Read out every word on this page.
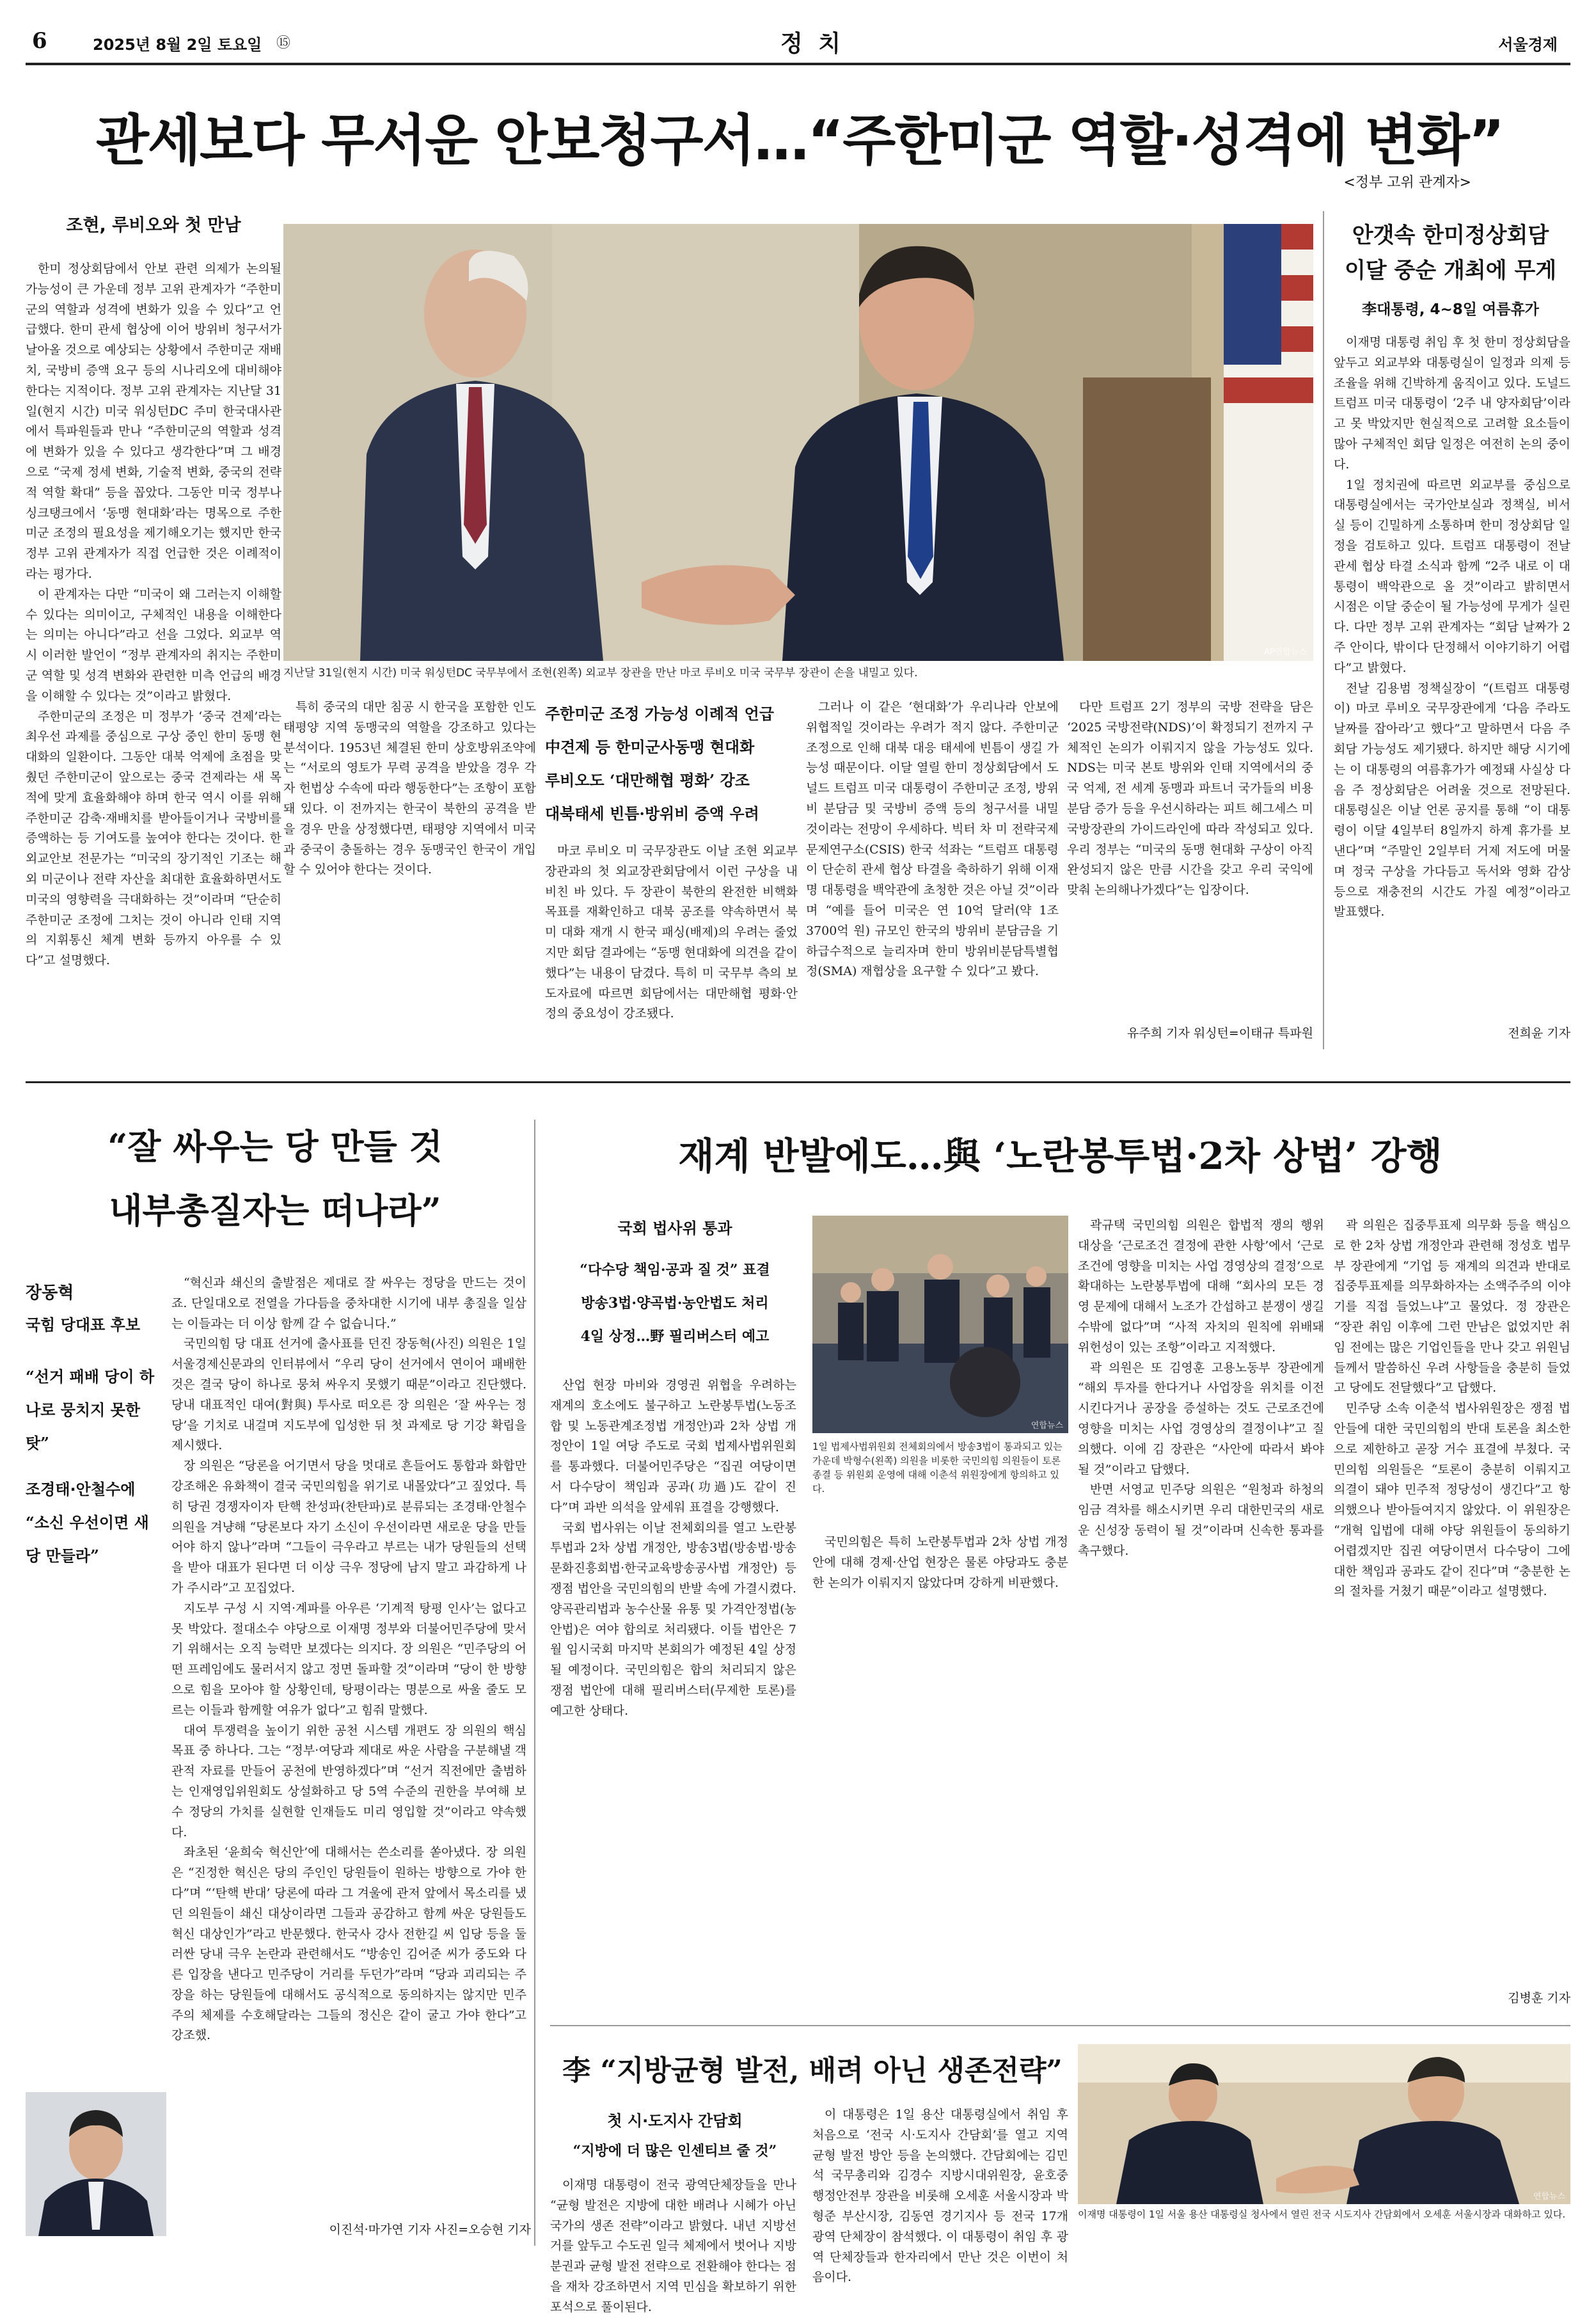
6	2025년 8월 2일 토요일 ⑮	정 치	서울경제
관세보다 무서운 안보청구서…“주한미군 역할·성격에 변화”
<정부 고위 관계자>
조현, 루비오와 첫 만남

한미 정상회담에서 안보 관련 의제가 논의될 가능성이 큰 가운데 정부 고위 관계자가 “주한미군의 역할과 성격에 변화가 있을 수 있다”고 언급했다. 한미 관세 협상에 이어 방위비 청구서가 날아올 것으로 예상되는 상황에서 주한미군 재배치, 국방비 증액 요구 등의 시나리오에 대비해야 한다는 지적이다. 정부 고위 관계자는 지난달 31일(현지 시간) 미국 워싱턴DC 주미 한국대사관에서 특파원들과 만나 “주한미군의 역할과 성격에 변화가 있을 수 있다고 생각한다”며 그 배경으로 “국제 정세 변화, 기술적 변화, 중국의 전략적 역할 확대” 등을 꼽았다. 그동안 미국 정부나 싱크탱크에서 ‘동맹 현대화’라는 명목으로 주한미군 조정의 필요성을 제기해오기는 했지만 한국 정부 고위 관계자가 직접 언급한 것은 이례적이라는 평가다.

이 관계자는 다만 “미국이 왜 그러는지 이해할 수 있다는 의미이고, 구체적인 내용을 이해한다는 의미는 아니다”라고 선을 그었다. 외교부 역시 이러한 발언이 “정부 관계자의 취지는 주한미군 역할 및 성격 변화와 관련한 미측 언급의 배경을 이해할 수 있다는 것”이라고 밝혔다.

주한미군의 조정은 미 정부가 ‘중국 견제’라는 최우선 과제를 중심으로 구상 중인 한미 동맹 현대화의 일환이다. 그동안 대북 억제에 초점을 맞췄던 주한미군이 앞으로는 중국 견제라는 새 목적에 맞게 효율화해야 하며 한국 역시 이를 위해 주한미군 감축·재배치를 받아들이거나 국방비를 증액하는 등 기여도를 높여야 한다는 것이다. 한 외교안보 전문가는 “미국의 장기적인 기조는 해외 미군이나 전략 자산을 최대한 효율화하면서도 미국의 영향력을 극대화하는 것”이라며 “단순히 주한미군 조정에 그치는 것이 아니라 인태 지역의 지휘통신 체계 변화 등까지 아우를 수 있다”고 설명했다.

AP연합뉴스
지난달 31일(현지 시간) 미국 워싱턴DC 국무부에서 조현(왼쪽) 외교부 장관을 만난 마코 루비오 미국 국무부 장관이 손을 내밀고 있다.

특히 중국의 대만 침공 시 한국을 포함한 인도태평양 지역 동맹국의 역할을 강조하고 있다는 분석이다. 1953년 체결된 한미 상호방위조약에는 “서로의 영토가 무력 공격을 받았을 경우 각자 헌법상 수속에 따라 행동한다”는 조항이 포함돼 있다. 이 전까지는 한국이 북한의 공격을 받을 경우 만을 상정했다면, 태평양 지역에서 미국과 중국이 충돌하는 경우 동맹국인 한국이 개입할 수 있어야 한다는 것이다.

주한미군 조정 가능성 이례적 언급
中견제 등 한미군사동맹 현대화
루비오도 ‘대만해협 평화’ 강조
대북태세 빈틈·방위비 증액 우려

마코 루비오 미 국무장관도 이날 조현 외교부 장관과의 첫 외교장관회담에서 이런 구상을 내비친 바 있다. 두 장관이 북한의 완전한 비핵화 목표를 재확인하고 대북 공조를 약속하면서 북미 대화 재개 시 한국 패싱(배제)의 우려는 줄었지만 회담 결과에는 “동맹 현대화에 의견을 같이했다”는 내용이 담겼다. 특히 미 국무부 측의 보도자료에 따르면 회담에서는 대만해협 평화·안정의 중요성이 강조됐다.

그러나 이 같은 ‘현대화’가 우리나라 안보에 위협적일 것이라는 우려가 적지 않다. 주한미군 조정으로 인해 대북 대응 태세에 빈틈이 생길 가능성 때문이다. 이달 열릴 한미 정상회담에서 도널드 트럼프 미국 대통령이 주한미군 조정, 방위비 분담금 및 국방비 증액 등의 청구서를 내밀 것이라는 전망이 우세하다. 빅터 차 미 전략국제문제연구소(CSIS) 한국 석좌는 “트럼프 대통령이 단순히 관세 협상 타결을 축하하기 위해 이재명 대통령을 백악관에 초청한 것은 아닐 것”이라며 “예를 들어 미국은 연 10억 달러(약 1조 3700억 원) 규모인 한국의 방위비 분담금을 기하급수적으로 늘리자며 한미 방위비분담특별협정(SMA) 재협상을 요구할 수 있다”고 봤다.

다만 트럼프 2기 정부의 국방 전략을 담은 ‘2025 국방전략(NDS)’이 확정되기 전까지 구체적인 논의가 이뤄지지 않을 가능성도 있다. NDS는 미국 본토 방위와 인태 지역에서의 중국 억제, 전 세계 동맹과 파트너 국가들의 비용 분담 증가 등을 우선시하라는 피트 헤그세스 미 국방장관의 가이드라인에 따라 작성되고 있다. 우리 정부는 “미국의 동맹 현대화 구상이 아직 완성되지 않은 만큼 시간을 갖고 우리 국익에 맞춰 논의해나가겠다”는 입장이다.

유주희 기자 워싱턴=이태규 특파원
안갯속 한미정상회담
이달 중순 개최에 무게
李대통령, 4~8일 여름휴가

이재명 대통령 취임 후 첫 한미 정상회담을 앞두고 외교부와 대통령실이 일정과 의제 등 조율을 위해 긴박하게 움직이고 있다. 도널드 트럼프 미국 대통령이 ‘2주 내 양자회담’이라고 못 박았지만 현실적으로 고려할 요소들이 많아 구체적인 회담 일정은 여전히 논의 중이다.

1일 정치권에 따르면 외교부를 중심으로 대통령실에서는 국가안보실과 정책실, 비서실 등이 긴밀하게 소통하며 한미 정상회담 일정을 검토하고 있다. 트럼프 대통령이 전날 관세 협상 타결 소식과 함께 “2주 내로 이 대통령이 백악관으로 올 것”이라고 밝히면서 시점은 이달 중순이 될 가능성에 무게가 실린다. 다만 정부 고위 관계자는 “회담 날짜가 2주 안이다, 밖이다 단정해서 이야기하기 어렵다”고 밝혔다.

전날 김용범 정책실장이 “(트럼프 대통령이) 마코 루비오 국무장관에게 ‘다음 주라도 날짜를 잡아라’고 했다”고 말하면서 다음 주 회담 가능성도 제기됐다. 하지만 해당 시기에는 이 대통령의 여름휴가가 예정돼 사실상 다음 주 정상회담은 어려울 것으로 전망된다. 대통령실은 이날 언론 공지를 통해 “이 대통령이 이달 4일부터 8일까지 하계 휴가를 보낸다”며 “주말인 2일부터 거제 저도에 머물며 정국 구상을 가다듬고 독서와 영화 감상 등으로 재충전의 시간도 가질 예정”이라고 발표했다.

전희윤 기자
“잘 싸우는 당 만들 것
내부총질자는 떠나라”
장동혁
국힘 당대표 후보
“선거 패배 당이 하나로 뭉치지 못한 탓”
조경태·안철수에
“소신 우선이면 새 당 만들라”

“혁신과 쇄신의 출발점은 제대로 잘 싸우는 정당을 만드는 것이죠. 단일대오로 전열을 가다듬을 중차대한 시기에 내부 총질을 일삼는 이들과는 더 이상 함께 갈 수 없습니다.”

국민의힘 당 대표 선거에 출사표를 던진 장동혁(사진) 의원은 1일 서울경제신문과의 인터뷰에서 “우리 당이 선거에서 연이어 패배한 것은 결국 당이 하나로 뭉쳐 싸우지 못했기 때문”이라고 진단했다. 당내 대표적인 대여(對與) 투사로 떠오른 장 의원은 ‘잘 싸우는 정당’을 기치로 내걸며 지도부에 입성한 뒤 첫 과제로 당 기강 확립을 제시했다.

장 의원은 “당론을 어기면서 당을 멋대로 흔들어도 통합과 화합만 강조해온 유화책이 결국 국민의힘을 위기로 내몰았다”고 짚었다. 특히 당권 경쟁자이자 탄핵 찬성파(찬탄파)로 분류되는 조경태·안철수 의원을 겨냥해 “당론보다 자기 소신이 우선이라면 새로운 당을 만들어야 하지 않나”라며 “그들이 극우라고 부르는 내가 당원들의 선택을 받아 대표가 된다면 더 이상 극우 정당에 남지 말고 과감하게 나가 주시라”고 꼬집었다.

지도부 구성 시 지역·계파를 아우른 ‘기계적 탕평 인사’는 없다고 못 박았다. 절대소수 야당으로 이재명 정부와 더불어민주당에 맞서기 위해서는 오직 능력만 보겠다는 의지다. 장 의원은 “민주당의 어떤 프레임에도 물러서지 않고 정면 돌파할 것”이라며 “당이 한 방향으로 힘을 모아야 할 상황인데, 탕평이라는 명분으로 싸울 줄도 모르는 이들과 함께할 여유가 없다”고 힘줘 말했다.

대여 투쟁력을 높이기 위한 공천 시스템 개편도 장 의원의 핵심 목표 중 하나다. 그는 “정부·여당과 제대로 싸운 사람을 구분해낼 객관적 자료를 만들어 공천에 반영하겠다”며 “선거 직전에만 출범하는 인재영입위원회도 상설화하고 당 5역 수준의 권한을 부여해 보수 정당의 가치를 실현할 인재들도 미리 영입할 것”이라고 약속했다.

좌초된 ‘윤희숙 혁신안’에 대해서는 쓴소리를 쏟아냈다. 장 의원은 “진정한 혁신은 당의 주인인 당원들이 원하는 방향으로 가야 한다”며 “‘탄핵 반대’ 당론에 따라 그 겨울에 관저 앞에서 목소리를 냈던 의원들이 쇄신 대상이라면 그들과 공감하고 함께 싸운 당원들도 혁신 대상인가”라고 반문했다. 한국사 강사 전한길 씨 입당 등을 둘러싼 당내 극우 논란과 관련해서도 “방송인 김어준 씨가 중도와 다른 입장을 낸다고 민주당이 거리를 두던가”라며 “당과 괴리되는 주장을 하는 당원들에 대해서도 공식적으로 동의하지는 않지만 민주주의 체제를 수호해달라는 그들의 정신은 같이 굴고 가야 한다”고 강조했.

이진석·마가연 기자 사진=오승현 기자
재계 반발에도…與 ‘노란봉투법·2차 상법’ 강행
국회 법사위 통과
“다수당 책임·공과 질 것” 표결
방송3법·양곡법·농안법도 처리
4일 상정…野 필리버스터 예고

산업 현장 마비와 경영권 위협을 우려하는 재계의 호소에도 불구하고 노란봉투법(노동조합 및 노동관계조정법 개정안)과 2차 상법 개정안이 1일 여당 주도로 국회 법제사법위원회를 통과했다. 더불어민주당은 “집권 여당이면서 다수당이 책임과 공과(功過)도 같이 진다”며 과반 의석을 앞세워 표결을 강행했다.

국회 법사위는 이날 전체회의를 열고 노란봉투법과 2차 상법 개정안, 방송3법(방송법·방송문화진흥회법·한국교육방송공사법 개정안) 등 쟁점 법안을 국민의힘의 반발 속에 가결시켰다. 양곡관리법과 농수산물 유통 및 가격안정법(농안법)은 여야 합의로 처리됐다. 이들 법안은 7월 임시국회 마지막 본회의가 예정된 4일 상정될 예정이다. 국민의힘은 합의 처리되지 않은 쟁점 법안에 대해 필리버스터(무제한 토론)를 예고한 상태다.

연합뉴스
1일 법제사법위원회 전체회의에서 방송3법이 통과되고 있는 가운데 박형수(왼쪽) 의원을 비롯한 국민의힘 의원들이 토론 종결 등 위원회 운영에 대해 이춘석 위원장에게 항의하고 있다.

국민의힘은 특히 노란봉투법과 2차 상법 개정안에 대해 경제·산업 현장은 물론 야당과도 충분한 논의가 이뤄지지 않았다며 강하게 비판했다.

곽규택 국민의힘 의원은 합법적 쟁의 행위 대상을 ‘근로조건 결정에 관한 사항’에서 ‘근로조건에 영향을 미치는 사업 경영상의 결정’으로 확대하는 노란봉투법에 대해 “회사의 모든 경영 문제에 대해서 노조가 간섭하고 분쟁이 생길 수밖에 없다”며 “사적 자치의 원칙에 위배돼 위헌성이 있는 조항”이라고 지적했다.

곽 의원은 또 김영훈 고용노동부 장관에게 “해외 투자를 한다거나 사업장을 위치를 이전시킨다거나 공장을 증설하는 것도 근로조건에 영향을 미치는 사업 경영상의 결정이냐”고 질의했다. 이에 김 장관은 “사안에 따라서 봐야 될 것”이라고 답했다.

반면 서영교 민주당 의원은 “원청과 하청의 임금 격차를 해소시키면 우리 대한민국의 새로운 신성장 동력이 될 것”이라며 신속한 통과를 촉구했다.

곽 의원은 집중투표제 의무화 등을 핵심으로 한 2차 상법 개정안과 관련해 정성호 법무부 장관에게 “기업 등 재계의 의견과 반대로 집중투표제를 의무화하자는 소액주주의 이야기를 직접 들었느냐”고 물었다. 정 장관은 “장관 취임 이후에 그런 만남은 없었지만 취임 전에는 많은 기업인들을 만나 갖고 위원님들께서 말씀하신 우려 사항들을 충분히 들었고 당에도 전달했다”고 답했다.

민주당 소속 이춘석 법사위원장은 쟁점 법안들에 대한 국민의힘의 반대 토론을 최소한으로 제한하고 곧장 거수 표결에 부쳤다. 국민의힘 의원들은 “토론이 충분히 이뤄지고 의결이 돼야 민주적 정당성이 생긴다”고 항의했으나 받아들여지지 않았다. 이 위원장은 “개혁 입법에 대해 야당 위원들이 동의하기 어렵겠지만 집권 여당이면서 다수당이 그에 대한 책임과 공과도 같이 진다”며 “충분한 논의 절차를 거쳤기 때문”이라고 설명했다.

김병훈 기자
李 “지방균형 발전, 배려 아닌 생존전략”
첫 시·도지사 간담회
“지방에 더 많은 인센티브 줄 것”

이재명 대통령이 전국 광역단체장들을 만나 “균형 발전은 지방에 대한 배려나 시혜가 아닌 국가의 생존 전략”이라고 밝혔다. 내년 지방선거를 앞두고 수도권 일극 체제에서 벗어나 지방분권과 균형 발전 전략으로 전환해야 한다는 점을 재차 강조하면서 지역 민심을 확보하기 위한 포석으로 풀이된다.

이 대통령은 1일 용산 대통령실에서 취임 후 처음으로 ‘전국 시·도지사 간담회’를 열고 지역 균형 발전 방안 등을 논의했다. 간담회에는 김민석 국무총리와 김경수 지방시대위원장, 윤호중 행정안전부 장관을 비롯해 오세훈 서울시장과 박형준 부산시장, 김동연 경기지사 등 전국 17개 광역 단체장이 참석했다. 이 대통령이 취임 후 광역 단체장들과 한자리에서 만난 것은 이번이 처음이다.

연합뉴스
이재명 대통령이 1일 서울 용산 대통령실 청사에서 열린 전국 시도지사 간담회에서 오세훈 서울시장과 대화하고 있다.
